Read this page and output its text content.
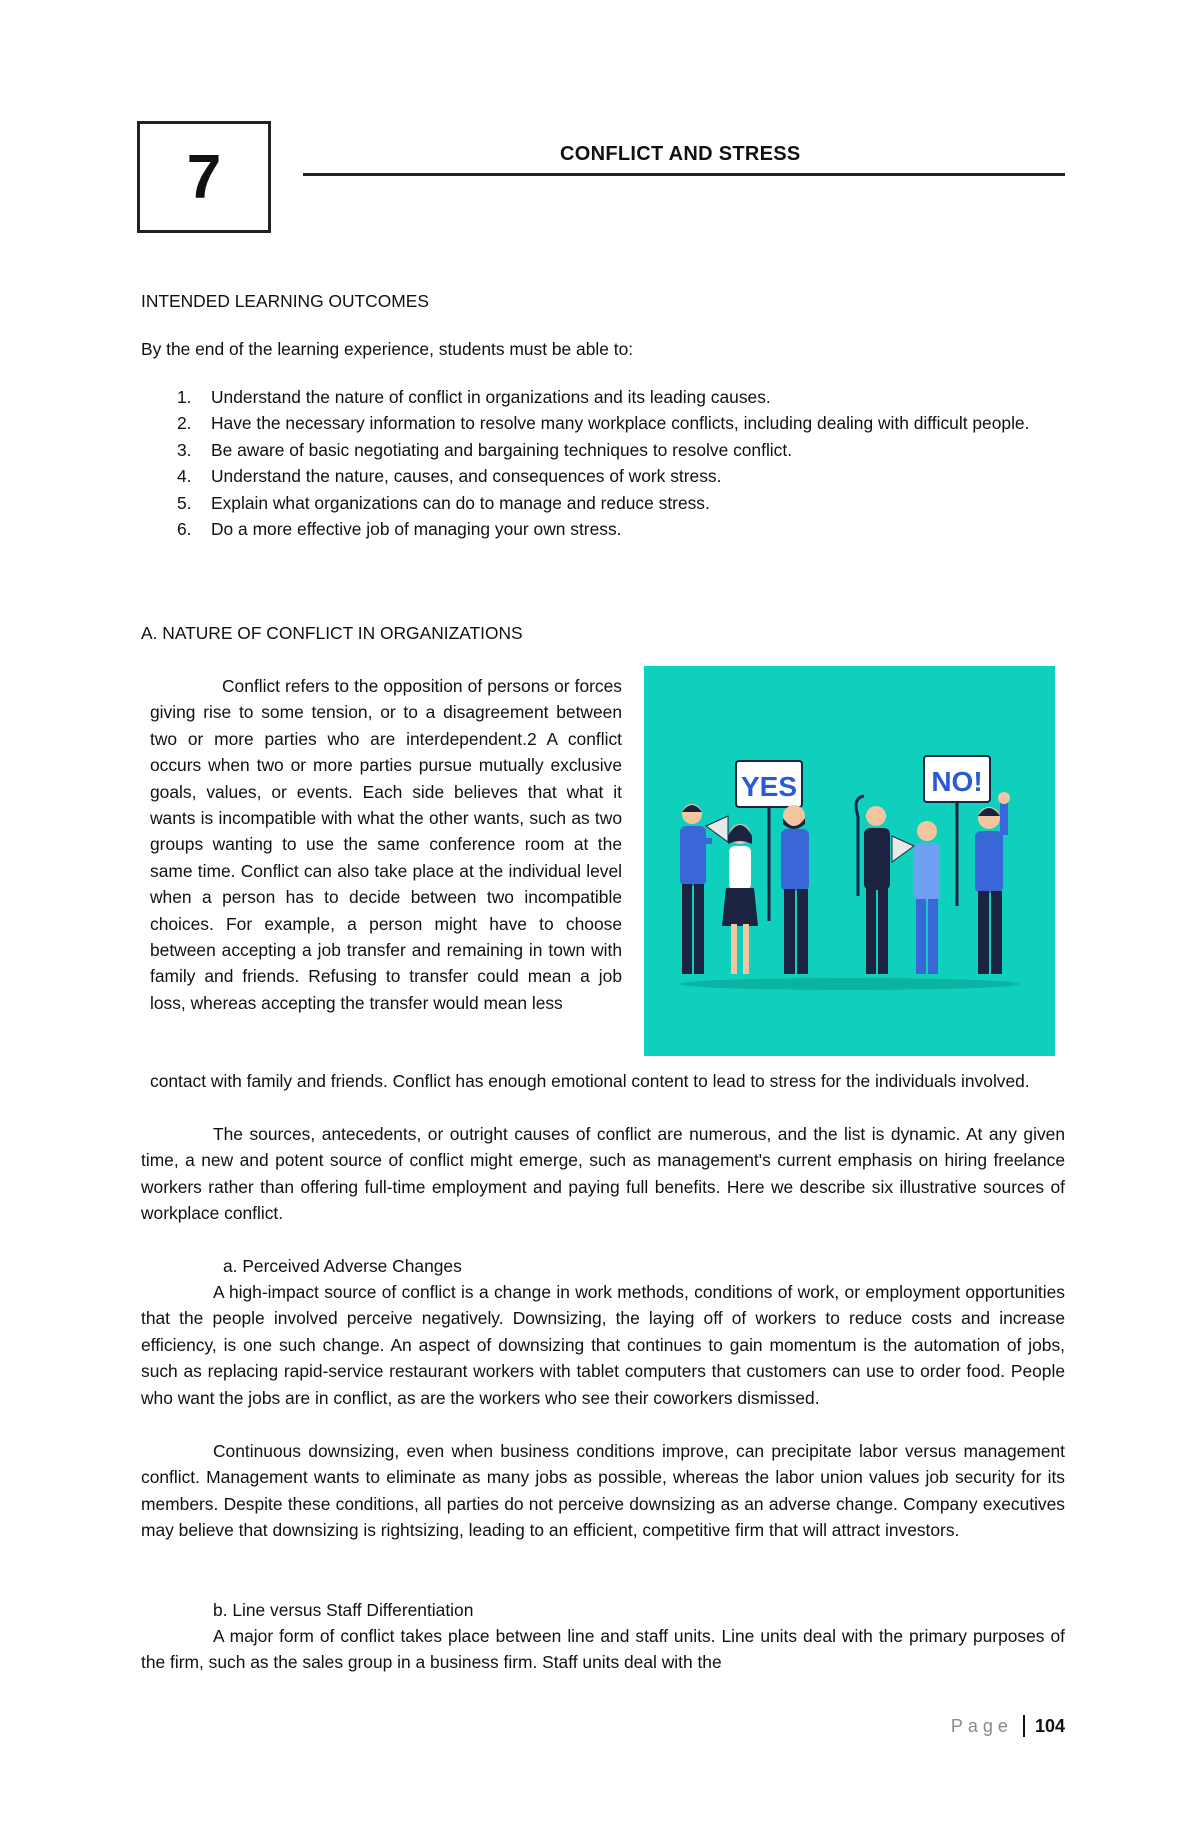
7	CONFLICT AND STRESS
INTENDED LEARNING OUTCOMES
By the end of the learning experience, students must be able to:
1. Understand the nature of conflict in organizations and its leading causes.
2. Have the necessary information to resolve many workplace conflicts, including dealing with difficult people.
3. Be aware of basic negotiating and bargaining techniques to resolve conflict.
4. Understand the nature, causes, and consequences of work stress.
5. Explain what organizations can do to manage and reduce stress.
6. Do a more effective job of managing your own stress.
A. NATURE OF CONFLICT IN ORGANIZATIONS
Conflict refers to the opposition of persons or forces giving rise to some tension, or to a disagreement between two or more parties who are interdependent.2 A conflict occurs when two or more parties pursue mutually exclusive goals, values, or events. Each side believes that what it wants is incompatible with what the other wants, such as two groups wanting to use the same conference room at the same time. Conflict can also take place at the individual level when a person has to decide between two incompatible choices. For example, a person might have to choose between accepting a job transfer and remaining in town with family and friends. Refusing to transfer could mean a job loss, whereas accepting the transfer would mean less
YES	NO!
contact with family and friends. Conflict has enough emotional content to lead to stress for the individuals involved.
The sources, antecedents, or outright causes of conflict are numerous, and the list is dynamic. At any given time, a new and potent source of conflict might emerge, such as management's current emphasis on hiring freelance workers rather than offering full-time employment and paying full benefits. Here we describe six illustrative sources of workplace conflict.
a. Perceived Adverse Changes
A high-impact source of conflict is a change in work methods, conditions of work, or employment opportunities that the people involved perceive negatively. Downsizing, the laying off of workers to reduce costs and increase efficiency, is one such change. An aspect of downsizing that continues to gain momentum is the automation of jobs, such as replacing rapid-service restaurant workers with tablet computers that customers can use to order food. People who want the jobs are in conflict, as are the workers who see their coworkers dismissed.
Continuous downsizing, even when business conditions improve, can precipitate labor versus management conflict. Management wants to eliminate as many jobs as possible, whereas the labor union values job security for its members. Despite these conditions, all parties do not perceive downsizing as an adverse change. Company executives may believe that downsizing is rightsizing, leading to an efficient, competitive firm that will attract investors.
b. Line versus Staff Differentiation
A major form of conflict takes place between line and staff units. Line units deal with the primary purposes of the firm, such as the sales group in a business firm. Staff units deal with the
Page 104
